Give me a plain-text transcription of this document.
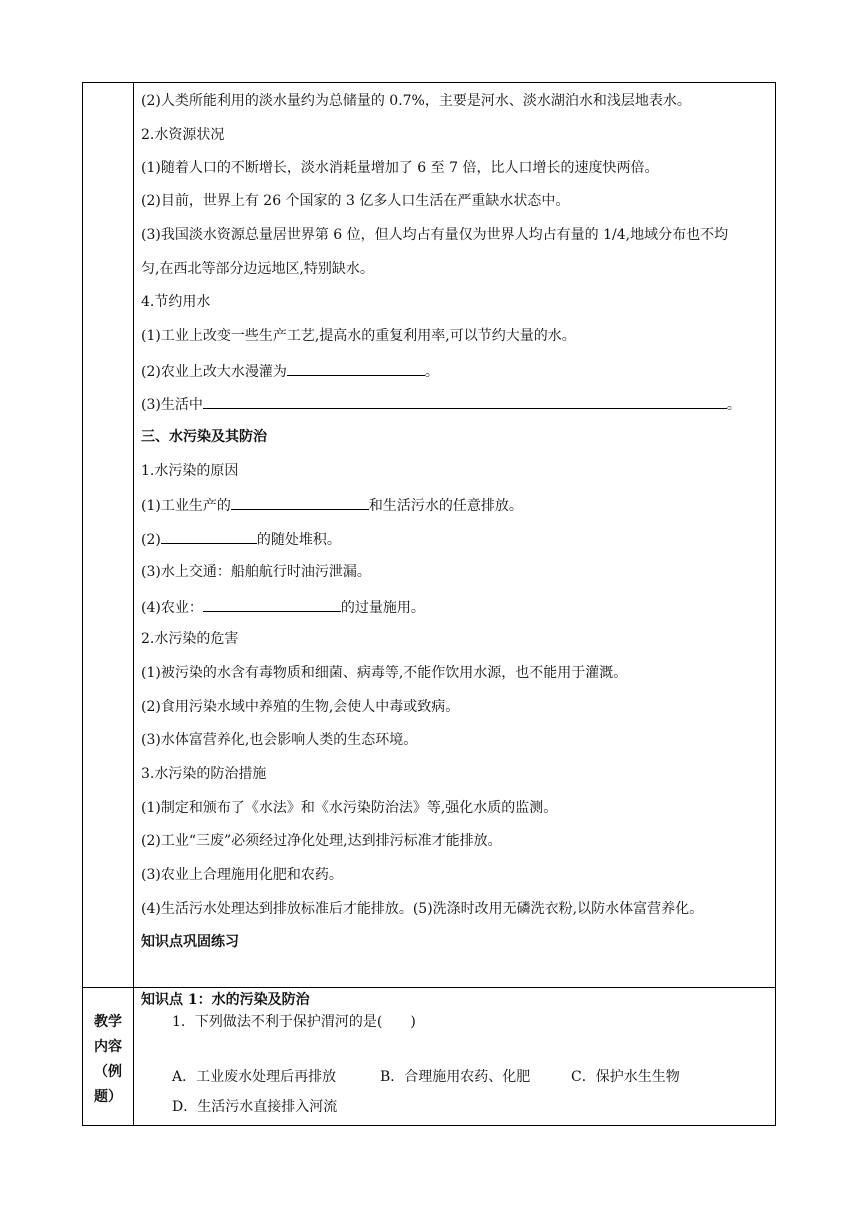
(2)人类所能利用的淡水量约为总储量的 0.7%，主要是河水、淡水湖泊水和浅层地表水。
2.水资源状况
(1)随着人口的不断增长，淡水消耗量增加了 6 至 7 倍，比人口增长的速度快两倍。
(2)目前，世界上有 26 个国家的 3 亿多人口生活在严重缺水状态中。
(3)我国淡水资源总量居世界第 6 位，但人均占有量仅为世界人均占有量的 1/4,地域分布也不均
匀,在西北等部分边远地区,特别缺水。
4.节约用水
(1)工业上改变一些生产工艺,提高水的重复利用率,可以节约大量的水。
(2)农业上改大水漫灌为	。
(3)生活中	。
三、水污染及其防治
1.水污染的原因
(1)工业生产的	和生活污水的任意排放。
(2)	的随处堆积。
(3)水上交通：船舶航行时油污泄漏。
(4)农业：	的过量施用。
2.水污染的危害
(1)被污染的水含有毒物质和细菌、病毒等,不能作饮用水源，也不能用于灌溉。
(2)食用污染水域中养殖的生物,会使人中毒或致病。
(3)水体富营养化,也会影响人类的生态环境。
3.水污染的防治措施
(1)制定和颁布了《水法》和《水污染防治法》等,强化水质的监测。
(2)工业“三废”必须经过净化处理,达到排污标准才能排放。
(3)农业上合理施用化肥和农药。
(4)生活污水处理达到排放标准后才能排放。(5)洗涤时改用无磷洗衣粉,以防水体富营养化。
知识点巩固练习
教学
内容
（例
题）
知识点 1：水的污染及防治
1．下列做法不利于保护渭河的是(　　)
A．工业废水处理后再排放	B．合理施用农药、化肥	C．保护水生生物
D．生活污水直接排入河流
